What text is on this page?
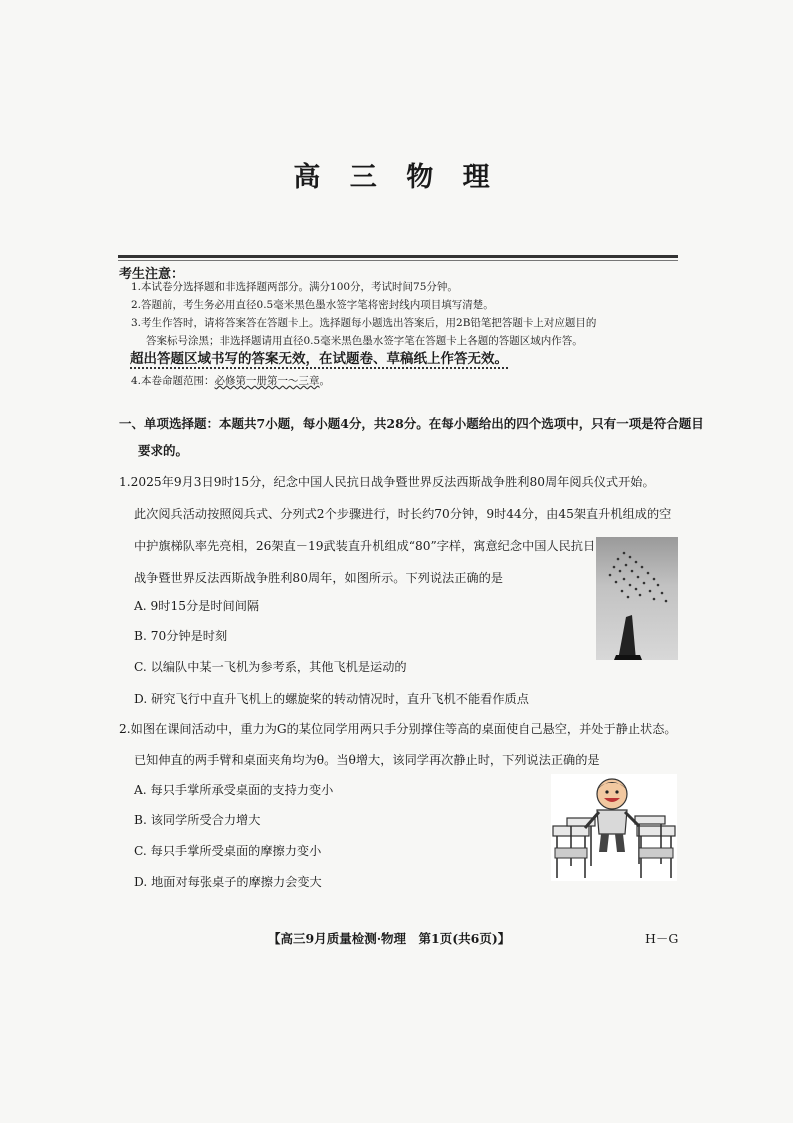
高 三 物 理
考生注意：
1.本试卷分选择题和非选择题两部分。满分100分，考试时间75分钟。
2.答题前，考生务必用直径0.5毫米黑色墨水签字笔将密封线内项目填写清楚。
3.考生作答时，请将答案答在答题卡上。选择题每小题选出答案后，用2B铅笔把答题卡上对应题目的
答案标号涂黑；非选择题请用直径0.5毫米黑色墨水签字笔在答题卡上各题的答题区域内作答。
超出答题区域书写的答案无效，在试题卷、草稿纸上作答无效。
4.本卷命题范围：必修第一册第一～三章。
一、单项选择题：本题共7小题，每小题4分，共28分。在每小题给出的四个选项中，只有一项是符合题目
要求的。
1.2025年9月3日9时15分，纪念中国人民抗日战争暨世界反法西斯战争胜利80周年阅兵仪式开始。
此次阅兵活动按照阅兵式、分列式2个步骤进行，时长约70分钟，9时44分，由45架直升机组成的空
中护旗梯队率先亮相，26架直－19武装直升机组成“80”字样，寓意纪念中国人民抗日
战争暨世界反法西斯战争胜利80周年，如图所示。下列说法正确的是
A. 9时15分是时间间隔
B. 70分钟是时刻
C. 以编队中某一飞机为参考系，其他飞机是运动的
D. 研究飞行中直升飞机上的螺旋桨的转动情况时，直升飞机不能看作质点
2.如图在课间活动中，重力为G的某位同学用两只手分别撑住等高的桌面使自己悬空，并处于静止状态。
已知伸直的两手臂和桌面夹角均为θ。当θ增大，该同学再次静止时，下列说法正确的是
A. 每只手掌所承受桌面的支持力变小
B. 该同学所受合力增大
C. 每只手掌所受桌面的摩擦力变小
D. 地面对每张桌子的摩擦力会变大
【高三9月质量检测·物理　第1页(共6页)】	H－G
